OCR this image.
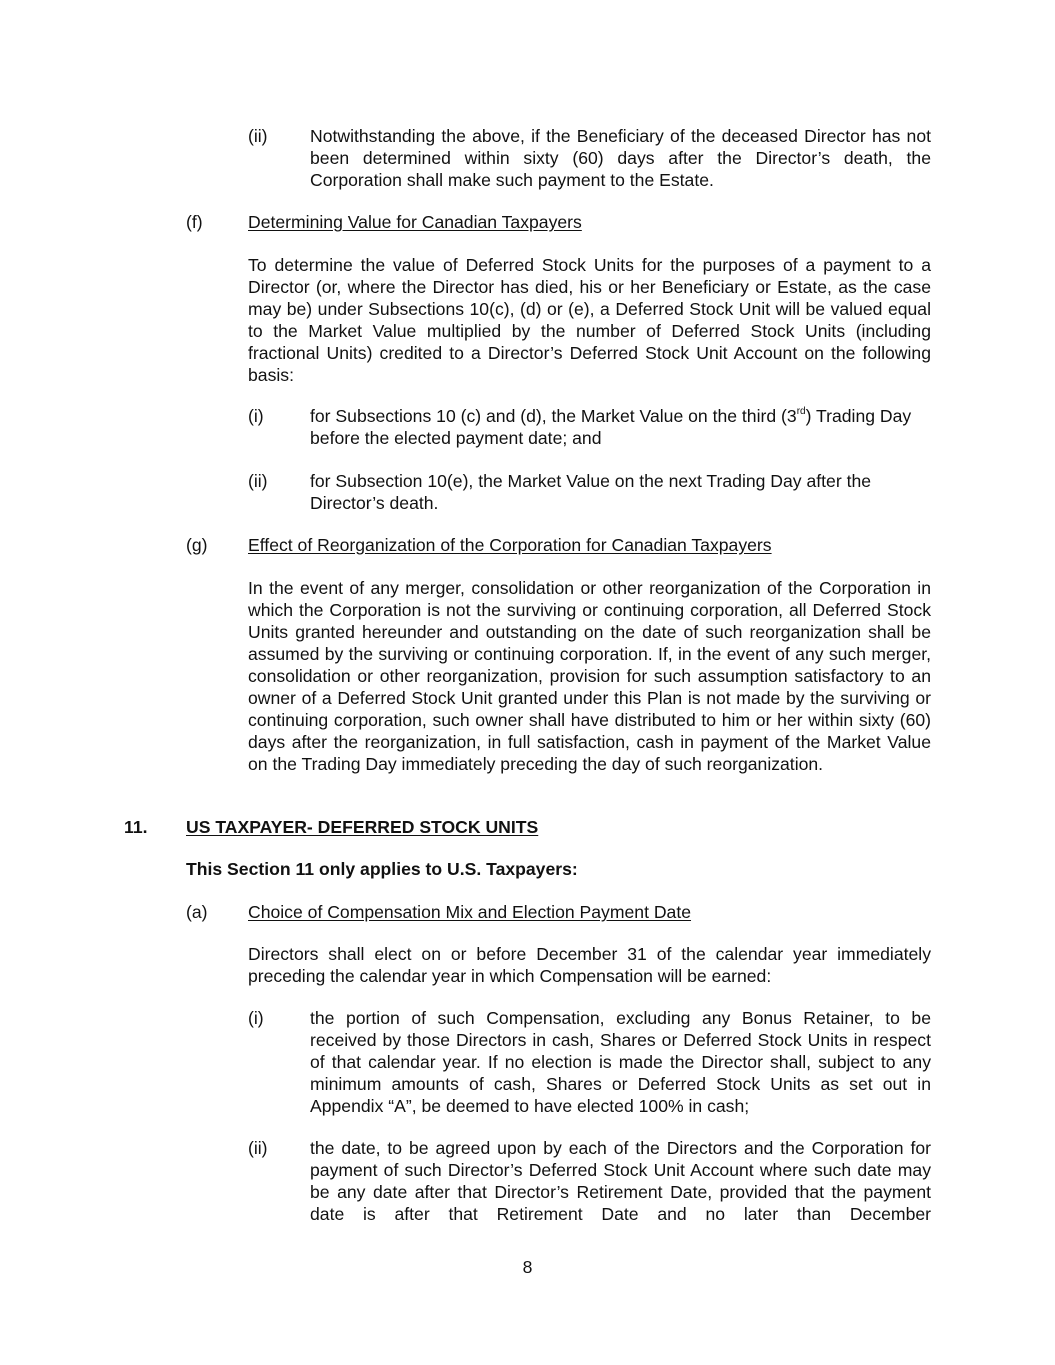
(ii) Notwithstanding the above, if the Beneficiary of the deceased Director has not been determined within sixty (60) days after the Director’s death, the Corporation shall make such payment to the Estate.
(f)	Determining Value for Canadian Taxpayers
To determine the value of Deferred Stock Units for the purposes of a payment to a Director (or, where the Director has died, his or her Beneficiary or Estate, as the case may be) under Subsections 10(c), (d) or (e), a Deferred Stock Unit will be valued equal to the Market Value multiplied by the number of Deferred Stock Units (including fractional Units) credited to a Director’s Deferred Stock Unit Account on the following basis:
(i)	for Subsections 10 (c) and (d), the Market Value on the third (3rd) Trading Day before the elected payment date; and
(ii) for Subsection 10(e), the Market Value on the next Trading Day after the Director’s death.
(g) Effect of Reorganization of the Corporation for Canadian Taxpayers
In the event of any merger, consolidation or other reorganization of the Corporation in which the Corporation is not the surviving or continuing corporation, all Deferred Stock Units granted hereunder and outstanding on the date of such reorganization shall be assumed by the surviving or continuing corporation. If, in the event of any such merger, consolidation or other reorganization, provision for such assumption satisfactory to an owner of a Deferred Stock Unit granted under this Plan is not made by the surviving or continuing corporation, such owner shall have distributed to him or her within sixty (60) days after the reorganization, in full satisfaction, cash in payment of the Market Value on the Trading Day immediately preceding the day of such reorganization.
11. US TAXPAYER- DEFERRED STOCK UNITS
This Section 11 only applies to U.S. Taxpayers:
(a) Choice of Compensation Mix and Election Payment Date
Directors shall elect on or before December 31 of the calendar year immediately preceding the calendar year in which Compensation will be earned:
(i)	the portion of such Compensation, excluding any Bonus Retainer, to be received by those Directors in cash, Shares or Deferred Stock Units in respect of that calendar year. If no election is made the Director shall, subject to any minimum amounts of cash, Shares or Deferred Stock Units as set out in Appendix “A”, be deemed to have elected 100% in cash;
(ii) the date, to be agreed upon by each of the Directors and the Corporation for payment of such Director’s Deferred Stock Unit Account where such date may be any date after that Director’s Retirement Date, provided that the payment date is after that Retirement Date and no later than December
8
